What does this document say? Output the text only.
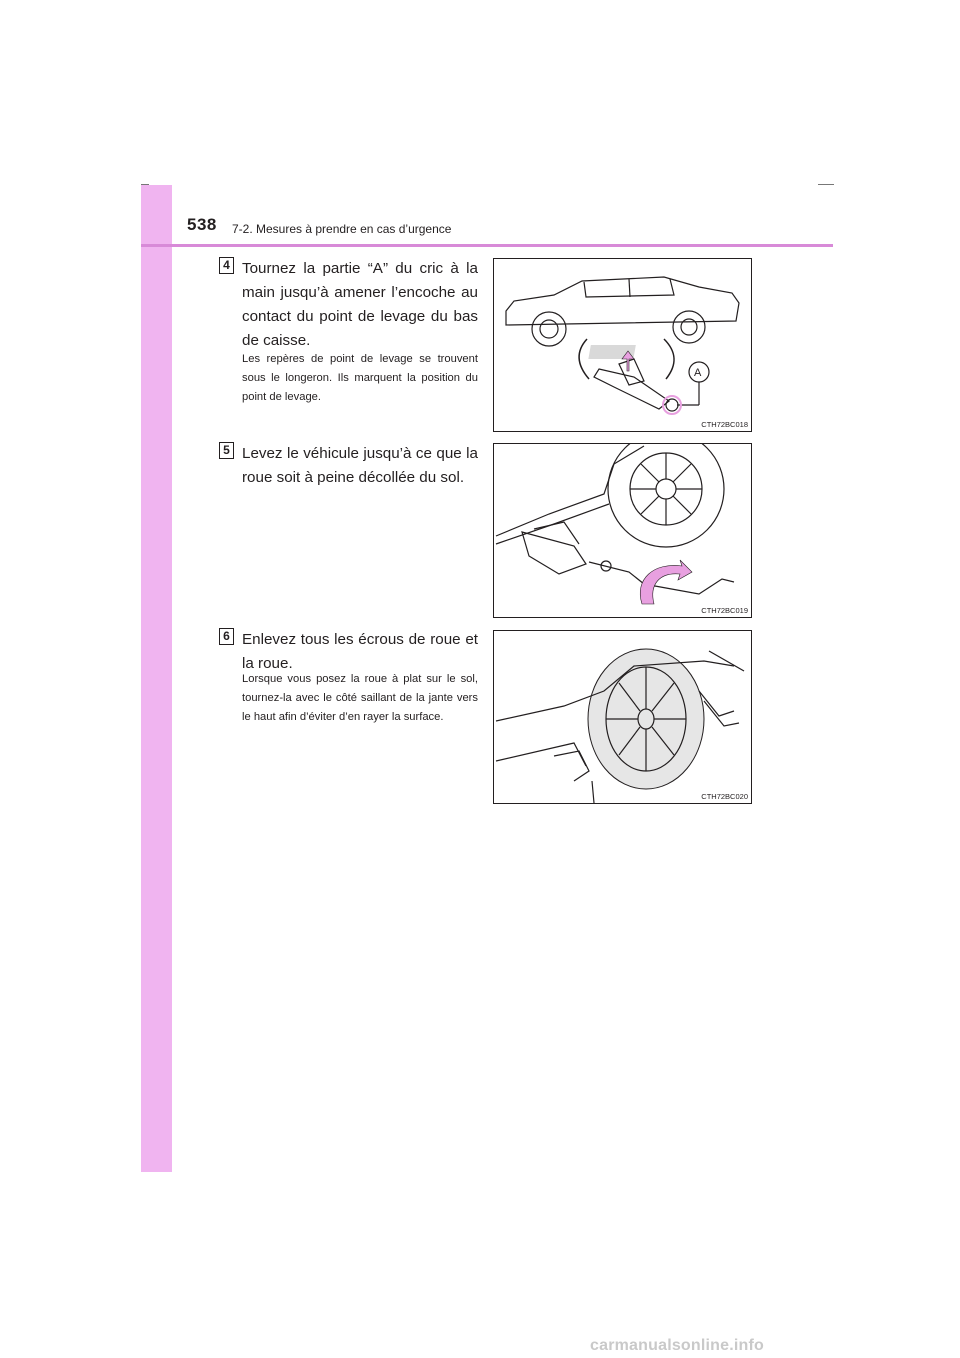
538 7-2. Mesures à prendre en cas d’urgence
4 Tournez la partie “A” du cric à la main jusqu’à amener l’encoche au contact du point de levage du bas de caisse.
Les repères de point de levage se trouvent sous le longeron. Ils marquent la position du point de levage.
A
CTH72BC018
5 Levez le véhicule jusqu’à ce que la roue soit à peine décollée du sol.
CTH72BC019
6 Enlevez tous les écrous de roue et la roue.
Lorsque vous posez la roue à plat sur le sol, tournez-la avec le côté saillant de la jante vers le haut afin d’éviter d’en rayer la surface.
CTH72BC020
carmanualsonline.info
